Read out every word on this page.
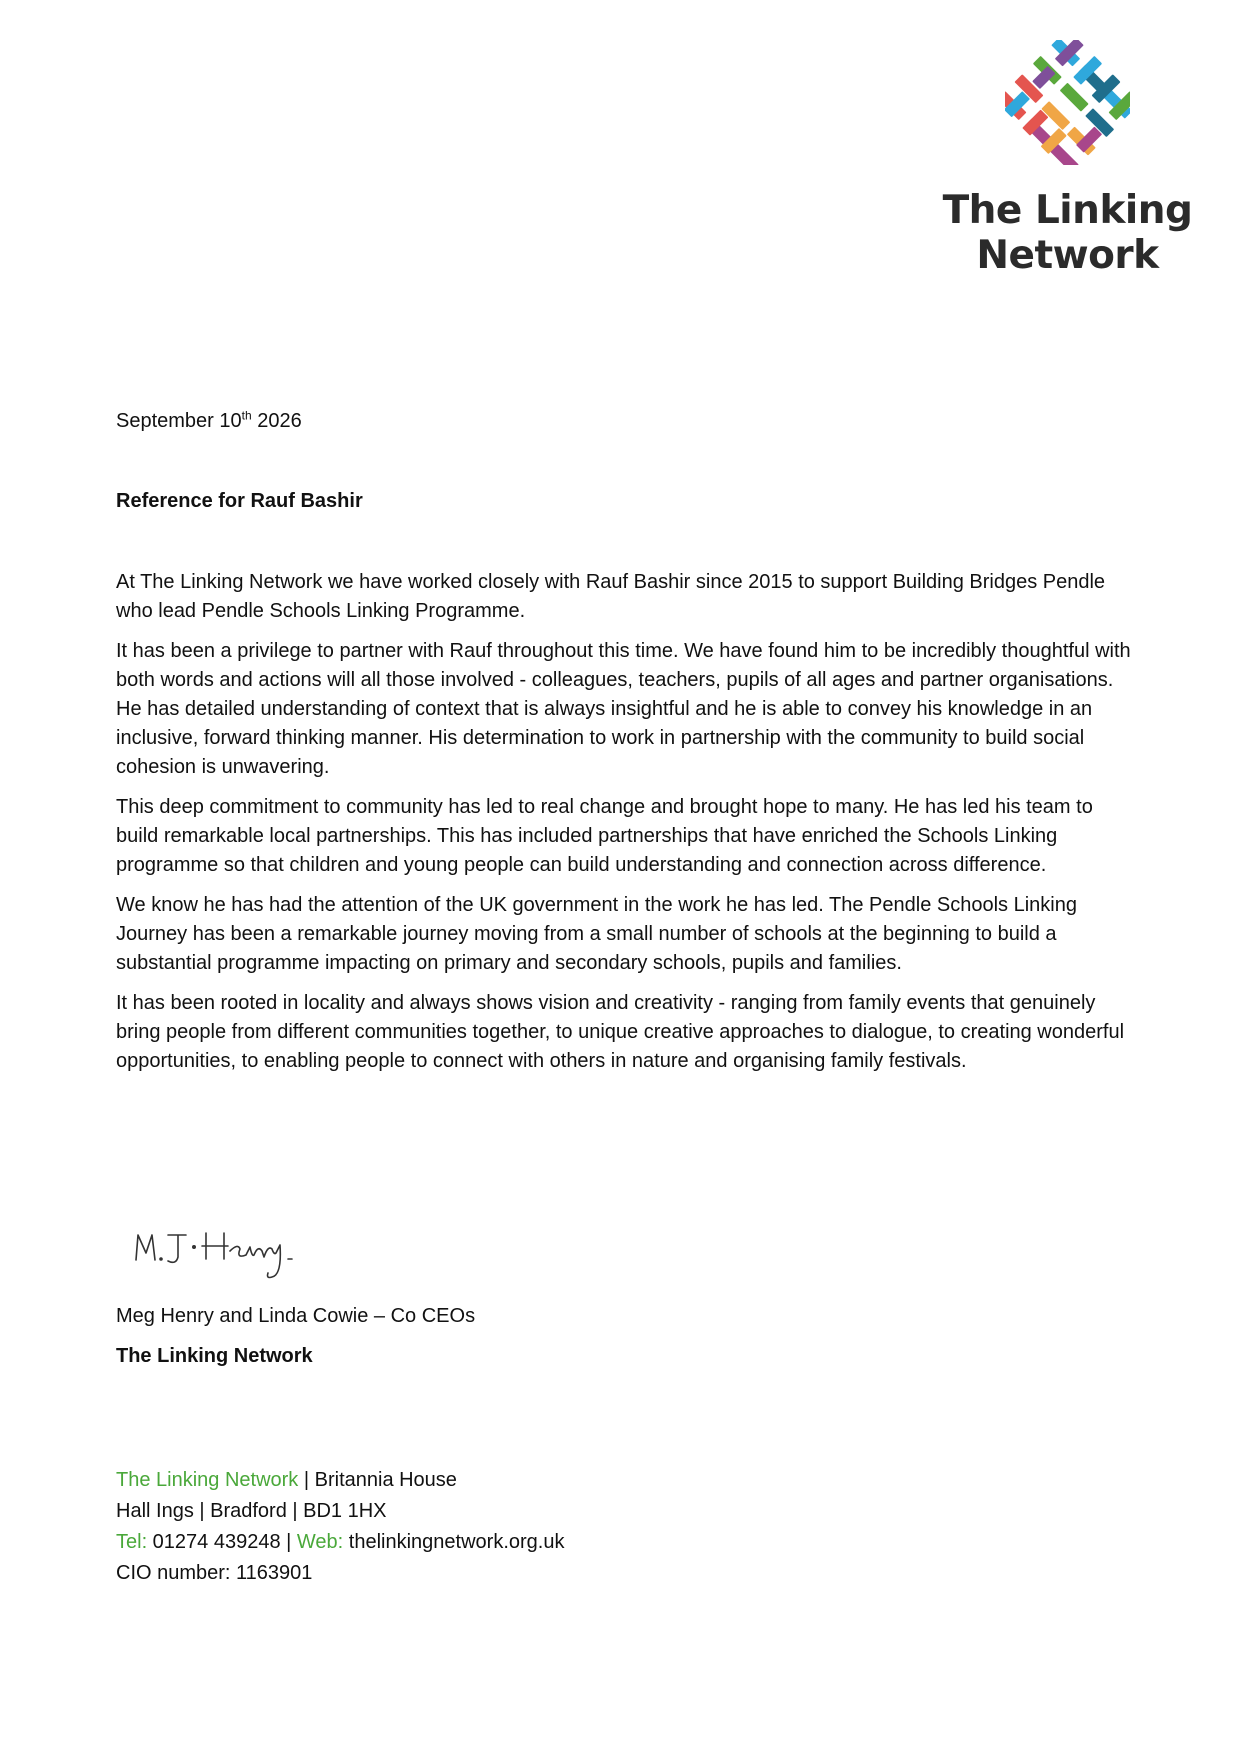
The Linking
Network
September 10th 2026
Reference for Rauf Bashir

At The Linking Network we have worked closely with Rauf Bashir since 2015 to support Building Bridges Pendle who lead Pendle Schools Linking Programme.

It has been a privilege to partner with Rauf throughout this time. We have found him to be incredibly thoughtful with both words and actions will all those involved - colleagues, teachers, pupils of all ages and partner organisations. He has detailed understanding of context that is always insightful and he is able to convey his knowledge in an inclusive, forward thinking manner. His determination to work in partnership with the community to build social cohesion is unwavering.

This deep commitment to community has led to real change and brought hope to many. He has led his team to build remarkable local partnerships. This has included partnerships that have enriched the Schools Linking programme so that children and young people can build understanding and connection across difference.

We know he has had the attention of the UK government in the work he has led. The Pendle Schools Linking Journey has been a remarkable journey moving from a small number of schools at the beginning to build a substantial programme impacting on primary and secondary schools, pupils and families.

It has been rooted in locality and always shows vision and creativity - ranging from family events that genuinely bring people from different communities together, to unique creative approaches to dialogue, to creating wonderful opportunities, to enabling people to connect with others in nature and organising family festivals.

Meg Henry and Linda Cowie – Co CEOs
The Linking Network
The Linking Network | Britannia House
Hall Ings | Bradford | BD1 1HX
Tel: 01274 439248 | Web: thelinkingnetwork.org.uk
CIO number: 1163901
